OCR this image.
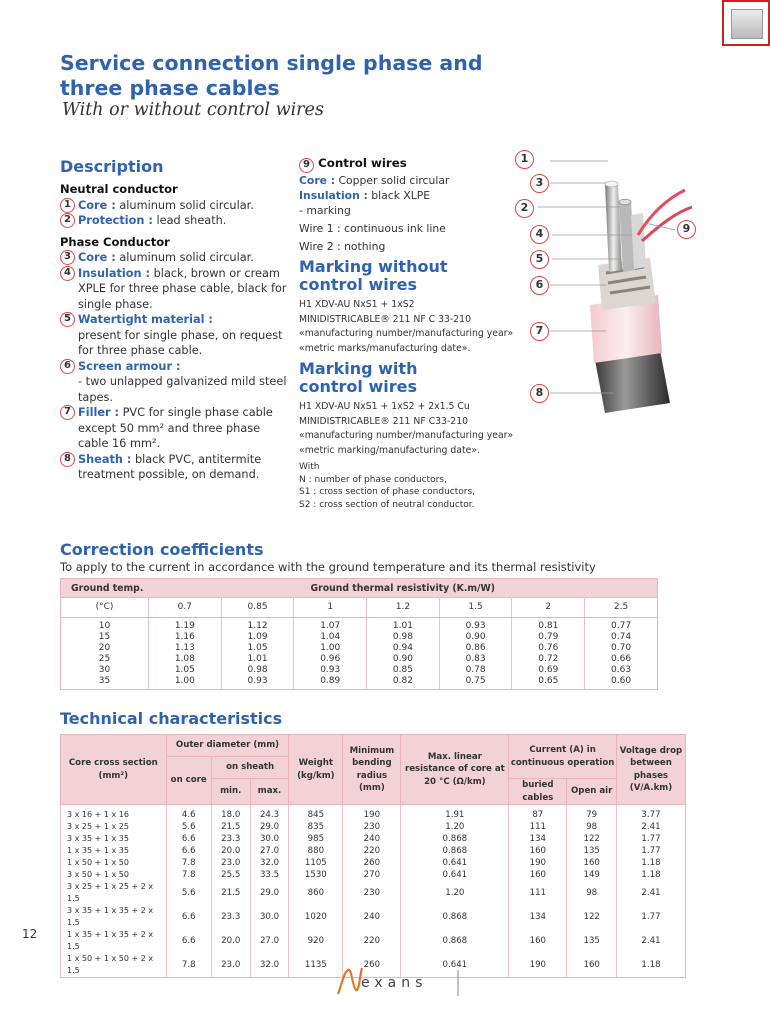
Service connection single phase and
three phase cables
With or without control wires
Description
Neutral conductor
1 Core : aluminum solid circular.
2 Protection : lead sheath.
Phase Conductor
3 Core : aluminum solid circular.
4 Insulation : black, brown or cream XPLE for three phase cable, black for single phase.
5 Watertight material :
present for single phase, on request for three phase cable.
6 Screen armour :
- two unlapped galvanized mild steel tapes.
7 Filler : PVC for single phase cable except 50 mm² and three phase cable 16 mm².
8 Sheath : black PVC, antitermite treatment possible, on demand.
9 Control wires
Core : Copper solid circular
Insulation : black XLPE
- marking
Wire 1 : continuous ink line
Wire 2 : nothing
Marking without control wires
H1 XDV-AU NxS1 + 1xS2
MINIDISTRICABLE® 211 NF C 33-210
«manufacturing number/manufacturing year»
«metric marks/manufacturing date».
Marking with control wires
H1 XDV-AU NxS1 + 1xS2 + 2x1.5 Cu
MINIDISTRICABLE® 211 NF C33-210
«manufacturing number/manufacturing year»
«metric marking/manufacturing date».
With
N : number of phase conductors,
S1 : cross section of phase conductors,
S2 : cross section of neutral conductor.
1
3
2
4
5
6
7
8
9
Correction coefficients
To apply to the current in accordance with the ground temperature and its thermal resistivity
Ground temp.	Ground thermal resistivity (K.m/W)						
(°C)	0.7	0.85	1	1.2	1.5	2	2.5
10	1.19	1.12	1.07	1.01	0.93	0.81	0.77
15	1.16	1.09	1.04	0.98	0.90	0.79	0.74
20	1.13	1.05	1.00	0.94	0.86	0.76	0.70
25	1.08	1.01	0.96	0.90	0.83	0.72	0.66
30	1.05	0.98	0.93	0.85	0.78	0.69	0.63
35	1.00	0.93	0.89	0.82	0.75	0.65	0.60
Technical characteristics
Core cross section (mm²)	Outer diameter (mm)			Weight (kg/km)	Minimum bending radius (mm)	Max. linear resistance of core at 20 °C (Ω/km)	Current (A) in continuous operation		Voltage drop between phases (V/A.km)
	on core	on sheath							
		min.	max.				buried cables	Open air	
3 x 16 + 1 x 16	4.6	18.0	24.3	845	190	1.91	87	79	3.77
3 x 25 + 1 x 25	5.6	21.5	29.0	835	230	1.20	111	98	2.41
3 x 35 + 1 x 35	6.6	23.3	30.0	985	240	0.868	134	122	1.77
1 x 35 + 1 x 35	6.6	20.0	27.0	880	220	0.868	160	135	1.77
1 x 50 + 1 x 50	7.8	23.0	32.0	1105	260	0.641	190	160	1.18
3 x 50 + 1 x 50	7.8	25.5	33.5	1530	270	0.641	160	149	1.18
3 x 25 + 1 x 25 + 2 x 1.5	5.6	21.5	29.0	860	230	1.20	111	98	2.41
3 x 35 + 1 x 35 + 2 x 1.5	6.6	23.3	30.0	1020	240	0.868	134	122	1.77
1 x 35 + 1 x 35 + 2 x 1.5	6.6	20.0	27.0	920	220	0.868	160	135	2.41
1 x 50 + 1 x 50 + 2 x 1.5	7.8	23.0	32.0	1135	260	0.641	190	160	1.18
12
exans
